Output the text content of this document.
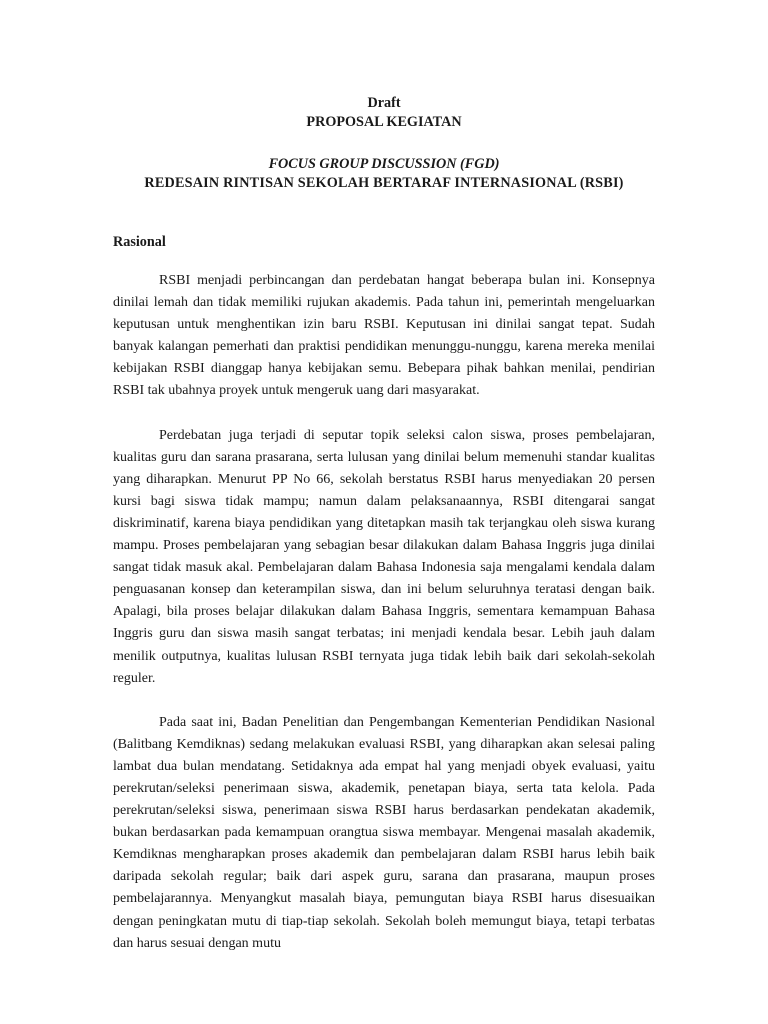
Draft
PROPOSAL KEGIATAN
FOCUS GROUP DISCUSSION (FGD)
REDESAIN RINTISAN SEKOLAH BERTARAF INTERNASIONAL (RSBI)
Rasional

RSBI menjadi perbincangan dan perdebatan hangat beberapa bulan ini. Konsepnya dinilai lemah dan tidak memiliki rujukan akademis. Pada tahun ini, pemerintah mengeluarkan keputusan untuk menghentikan izin baru RSBI. Keputusan ini dinilai sangat tepat. Sudah banyak kalangan pemerhati dan praktisi pendidikan menunggu-nunggu, karena mereka menilai kebijakan RSBI dianggap hanya kebijakan semu. Bebepara pihak bahkan menilai, pendirian RSBI tak ubahnya proyek untuk mengeruk uang dari masyarakat.

Perdebatan juga terjadi di seputar topik seleksi calon siswa, proses pembelajaran, kualitas guru dan sarana prasarana, serta lulusan yang dinilai belum memenuhi standar kualitas yang diharapkan. Menurut PP No 66, sekolah berstatus RSBI harus menyediakan 20 persen kursi bagi siswa tidak mampu; namun dalam pelaksanaannya, RSBI ditengarai sangat diskriminatif, karena biaya pendidikan yang ditetapkan masih tak terjangkau oleh siswa kurang mampu. Proses pembelajaran yang sebagian besar dilakukan dalam Bahasa Inggris juga dinilai sangat tidak masuk akal. Pembelajaran dalam Bahasa Indonesia saja mengalami kendala dalam penguasanan konsep dan keterampilan siswa, dan ini belum seluruhnya teratasi dengan baik. Apalagi, bila proses belajar dilakukan dalam Bahasa Inggris, sementara kemampuan Bahasa Inggris guru dan siswa masih sangat terbatas; ini menjadi kendala besar. Lebih jauh dalam menilik outputnya, kualitas lulusan RSBI ternyata juga tidak lebih baik dari sekolah-sekolah reguler.

Pada saat ini, Badan Penelitian dan Pengembangan Kementerian Pendidikan Nasional (Balitbang Kemdiknas) sedang melakukan evaluasi RSBI, yang diharapkan akan selesai paling lambat dua bulan mendatang. Setidaknya ada empat hal yang menjadi obyek evaluasi, yaitu perekrutan/seleksi penerimaan siswa, akademik, penetapan biaya, serta tata kelola. Pada perekrutan/seleksi siswa, penerimaan siswa RSBI harus berdasarkan pendekatan akademik, bukan berdasarkan pada kemampuan orangtua siswa membayar. Mengenai masalah akademik, Kemdiknas mengharapkan proses akademik dan pembelajaran dalam RSBI harus lebih baik daripada sekolah regular; baik dari aspek guru, sarana dan prasarana, maupun proses pembelajarannya. Menyangkut masalah biaya, pemungutan biaya RSBI harus disesuaikan dengan peningkatan mutu di tiap-tiap sekolah. Sekolah boleh memungut biaya, tetapi terbatas dan harus sesuai dengan mutu
